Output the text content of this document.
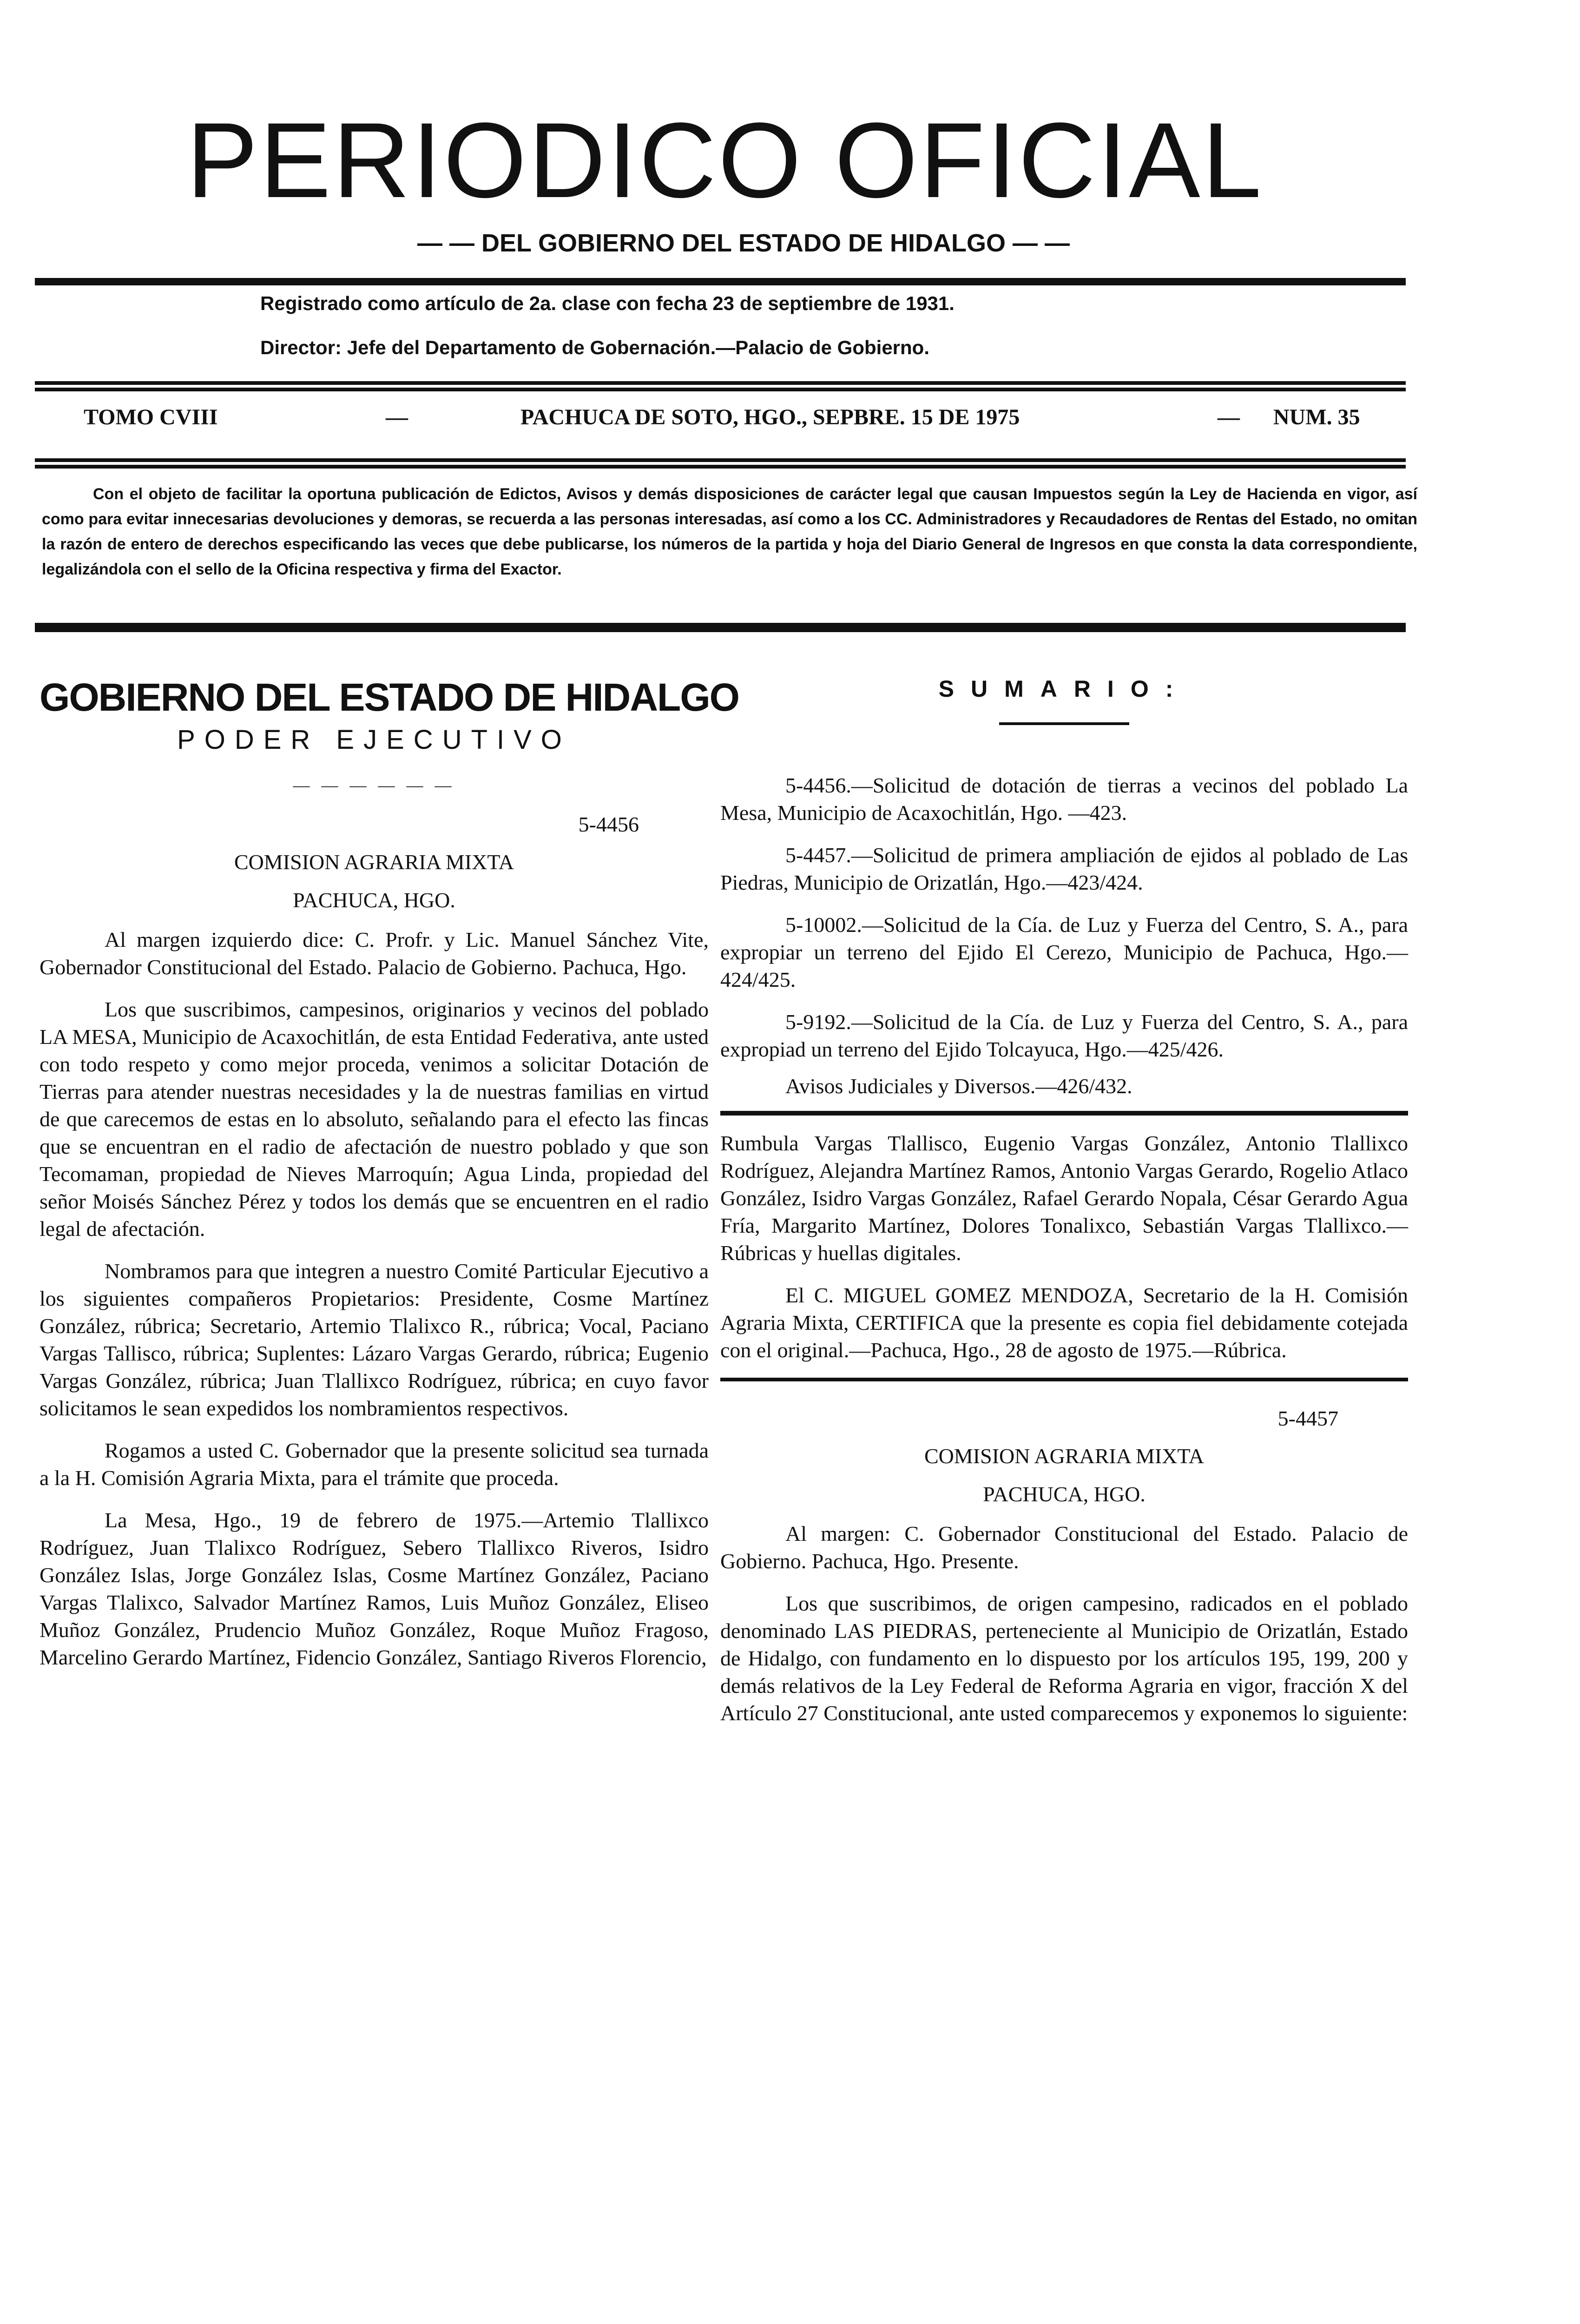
PERIODICO OFICIAL
— — DEL GOBIERNO DEL ESTADO DE HIDALGO — —
Registrado como artículo de 2a. clase con fecha 23 de septiembre de 1931.
Director: Jefe del Departamento de Gobernación.—Palacio de Gobierno.
TOMO CVIII	—	PACHUCA DE SOTO, HGO., SEPBRE. 15 DE 1975	— NUM. 35
Con el objeto de facilitar la oportuna publicación de Edictos, Avisos y demás disposiciones de carácter legal que causan Impuestos según la Ley de Hacienda en vigor, así como para evitar innecesarias devoluciones y demoras, se recuerda a las personas interesadas, así como a los CC. Administradores y Recaudadores de Rentas del Estado, no omitan la razón de entero de derechos especificando las veces que debe publicarse, los números de la partida y hoja del Diario General de Ingresos en que consta la data correspondiente, legalizándola con el sello de la Oficina respectiva y firma del Exactor.
GOBIERNO DEL ESTADO DE HIDALGO
PODER EJECUTIVO
— — — — — —
5-4456
COMISION AGRARIA MIXTA
PACHUCA, HGO.

Al margen izquierdo dice: C. Profr. y Lic. Manuel Sánchez Vite, Gobernador Constitucional del Estado. Palacio de Gobierno. Pachuca, Hgo.

Los que suscribimos, campesinos, originarios y vecinos del poblado LA MESA, Municipio de Acaxochitlán, de esta Entidad Federativa, ante usted con todo respeto y como mejor proceda, venimos a solicitar Dotación de Tierras para atender nuestras necesidades y la de nuestras familias en virtud de que carecemos de estas en lo absoluto, señalando para el efecto las fincas que se encuentran en el radio de afectación de nuestro poblado y que son Tecomaman, propiedad de Nieves Marroquín; Agua Linda, propiedad del señor Moisés Sánchez Pérez y todos los demás que se encuentren en el radio legal de afectación.

Nombramos para que integren a nuestro Comité Particular Ejecutivo a los siguientes compañeros Propietarios: Presidente, Cosme Martínez González, rúbrica; Secretario, Artemio Tlalixco R., rúbrica; Vocal, Paciano Vargas Tallisco, rúbrica; Suplentes: Lázaro Vargas Gerardo, rúbrica; Eugenio Vargas González, rúbrica; Juan Tlallixco Rodríguez, rúbrica; en cuyo favor solicitamos le sean expedidos los nombramientos respectivos.

Rogamos a usted C. Gobernador que la presente solicitud sea turnada a la H. Comisión Agraria Mixta, para el trámite que proceda.

La Mesa, Hgo., 19 de febrero de 1975.—Artemio Tlallixco Rodríguez, Juan Tlalixco Rodríguez, Sebero Tlallixco Riveros, Isidro González Islas, Jorge González Islas, Cosme Martínez González, Paciano Vargas Tlalixco, Salvador Martínez Ramos, Luis Muñoz González, Eliseo Muñoz González, Prudencio Muñoz González, Roque Muñoz Fragoso, Marcelino Gerardo Martínez, Fidencio González, Santiago Riveros Florencio,

SUMARIO:

5-4456.—Solicitud de dotación de tierras a vecinos del poblado La Mesa, Municipio de Acaxochitlán, Hgo. —423.

5-4457.—Solicitud de primera ampliación de ejidos al poblado de Las Piedras, Municipio de Orizatlán, Hgo.—423/424.

5-10002.—Solicitud de la Cía. de Luz y Fuerza del Centro, S. A., para expropiar un terreno del Ejido El Cerezo, Municipio de Pachuca, Hgo.—424/425.

5-9192.—Solicitud de la Cía. de Luz y Fuerza del Centro, S. A., para expropiad un terreno del Ejido Tolcayuca, Hgo.—425/426.

Avisos Judiciales y Diversos.—426/432.

Rumbula Vargas Tlallisco, Eugenio Vargas González, Antonio Tlallixco Rodríguez, Alejandra Martínez Ramos, Antonio Vargas Gerardo, Rogelio Atlaco González, Isidro Vargas González, Rafael Gerardo Nopala, César Gerardo Agua Fría, Margarito Martínez, Dolores Tonalixco, Sebastián Vargas Tlallixco.—Rúbricas y huellas digitales.

El C. MIGUEL GOMEZ MENDOZA, Secretario de la H. Comisión Agraria Mixta, CERTIFICA que la presente es copia fiel debidamente cotejada con el original.—Pachuca, Hgo., 28 de agosto de 1975.—Rúbrica.

5-4457
COMISION AGRARIA MIXTA
PACHUCA, HGO.

Al margen: C. Gobernador Constitucional del Estado. Palacio de Gobierno. Pachuca, Hgo. Presente.

Los que suscribimos, de origen campesino, radicados en el poblado denominado LAS PIEDRAS, perteneciente al Municipio de Orizatlán, Estado de Hidalgo, con fundamento en lo dispuesto por los artículos 195, 199, 200 y demás relativos de la Ley Federal de Reforma Agraria en vigor, fracción X del Artículo 27 Constitucional, ante usted comparecemos y exponemos lo siguiente:
